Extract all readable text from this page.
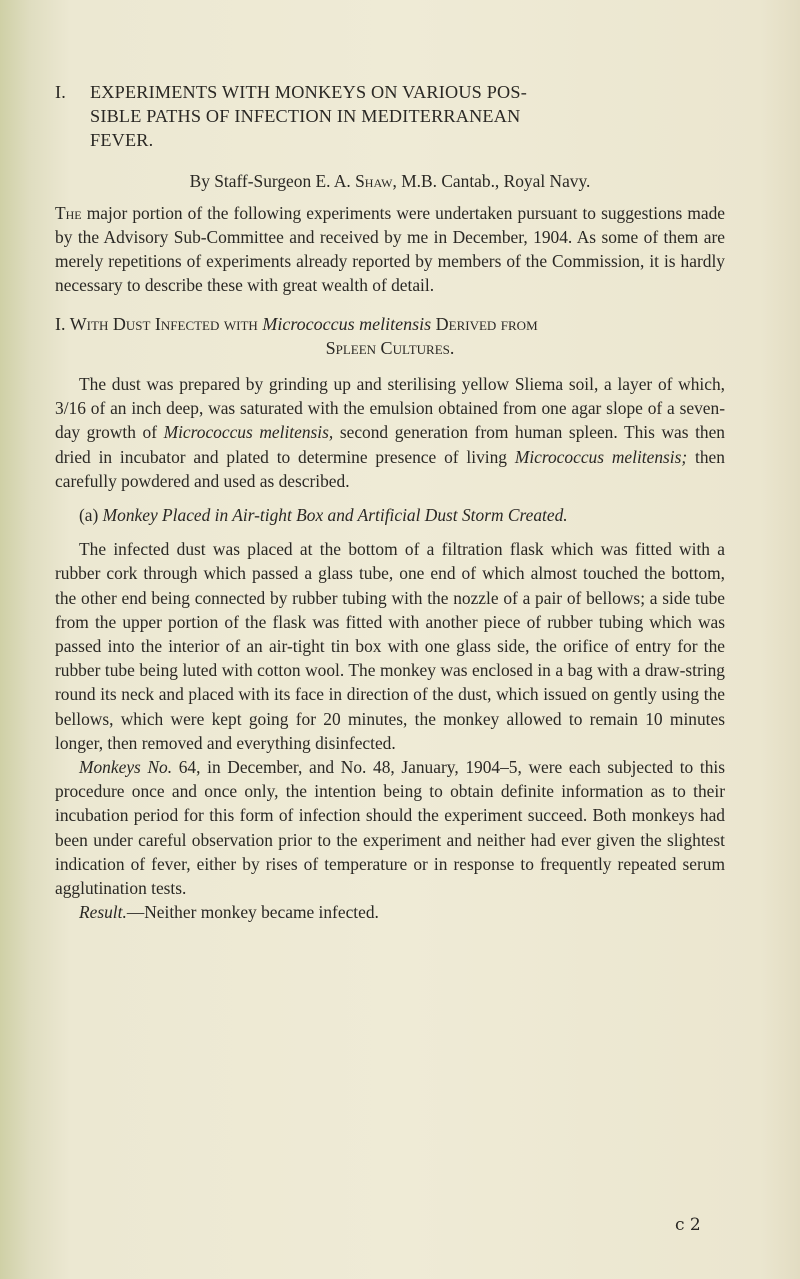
I. EXPERIMENTS WITH MONKEYS ON VARIOUS POS-
SIBLE PATHS OF INFECTION IN MEDITERRANEAN
FEVER.
By Staff-Surgeon E. A. Shaw, M.B. Cantab., Royal Navy.

The major portion of the following experiments were undertaken pursuant to suggestions made by the Advisory Sub-Committee and received by me in December, 1904. As some of them are merely repetitions of experiments already reported by members of the Commission, it is hardly necessary to describe these with great wealth of detail.

I. With Dust Infected with Micrococcus melitensis Derived from
Spleen Cultures.

The dust was prepared by grinding up and sterilising yellow Sliema soil, a layer of which, 3/16 of an inch deep, was saturated with the emulsion obtained from one agar slope of a seven-day growth of Micrococcus melitensis, second generation from human spleen. This was then dried in incubator and plated to determine presence of living Micrococcus melitensis; then carefully powdered and used as described.

(a) Monkey Placed in Air-tight Box and Artificial Dust Storm Created.

The infected dust was placed at the bottom of a filtration flask which was fitted with a rubber cork through which passed a glass tube, one end of which almost touched the bottom, the other end being connected by rubber tubing with the nozzle of a pair of bellows; a side tube from the upper portion of the flask was fitted with another piece of rubber tubing which was passed into the interior of an air-tight tin box with one glass side, the orifice of entry for the rubber tube being luted with cotton wool. The monkey was enclosed in a bag with a draw-string round its neck and placed with its face in direction of the dust, which issued on gently using the bellows, which were kept going for 20 minutes, the monkey allowed to remain 10 minutes longer, then removed and everything disinfected.

Monkeys No. 64, in December, and No. 48, January, 1904–5, were each subjected to this procedure once and once only, the intention being to obtain definite information as to their incubation period for this form of infection should the experiment succeed. Both monkeys had been under careful observation prior to the experiment and neither had ever given the slightest indication of fever, either by rises of temperature or in response to frequently repeated serum agglutination tests.

Result.—Neither monkey became infected.

c 2
